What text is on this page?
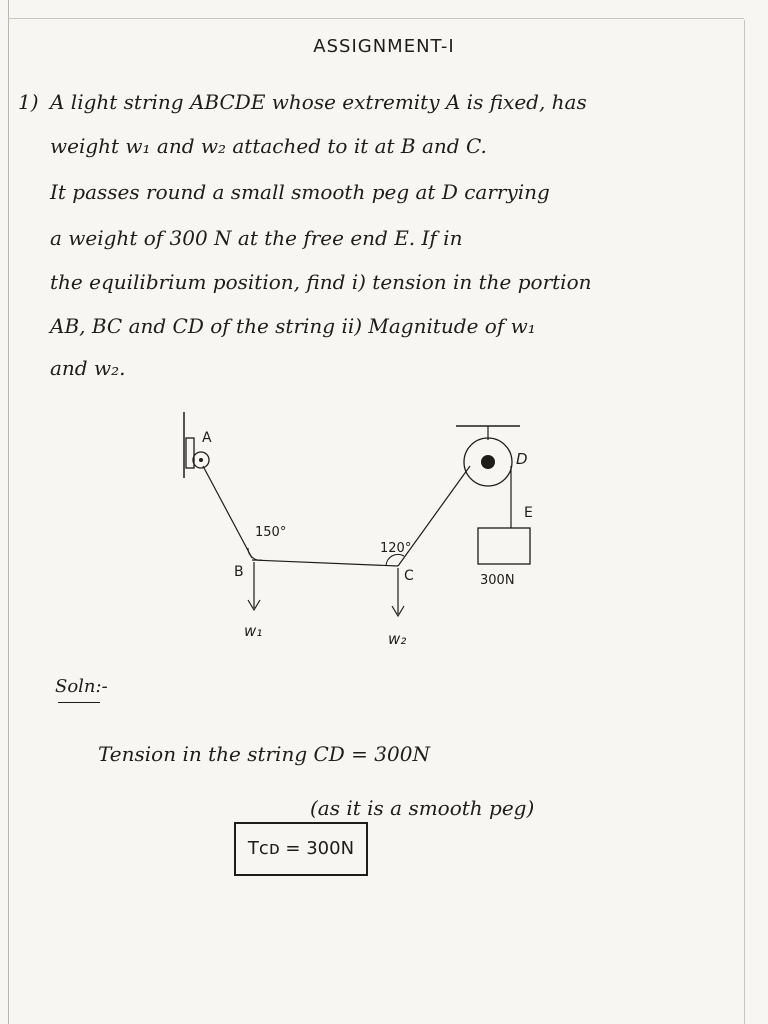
ASSIGNMENT-I
1) A light string ABCDE whose extremity A is fixed, has
weight w₁ and w₂ attached to it at B and C.
It passes round a small smooth peg at D carrying
a weight of 300 N at the free end E. If in
the equilibrium position, find i) tension in the portion
AB, BC and CD of the string ii) Magnitude of w₁
and w₂.
A
B	C
D
E
150°
120°
300N
w₁	w₂
Soln:-
Tension in the string CD = 300N
(as it is a smooth peg)
Tᴄᴅ = 300N
